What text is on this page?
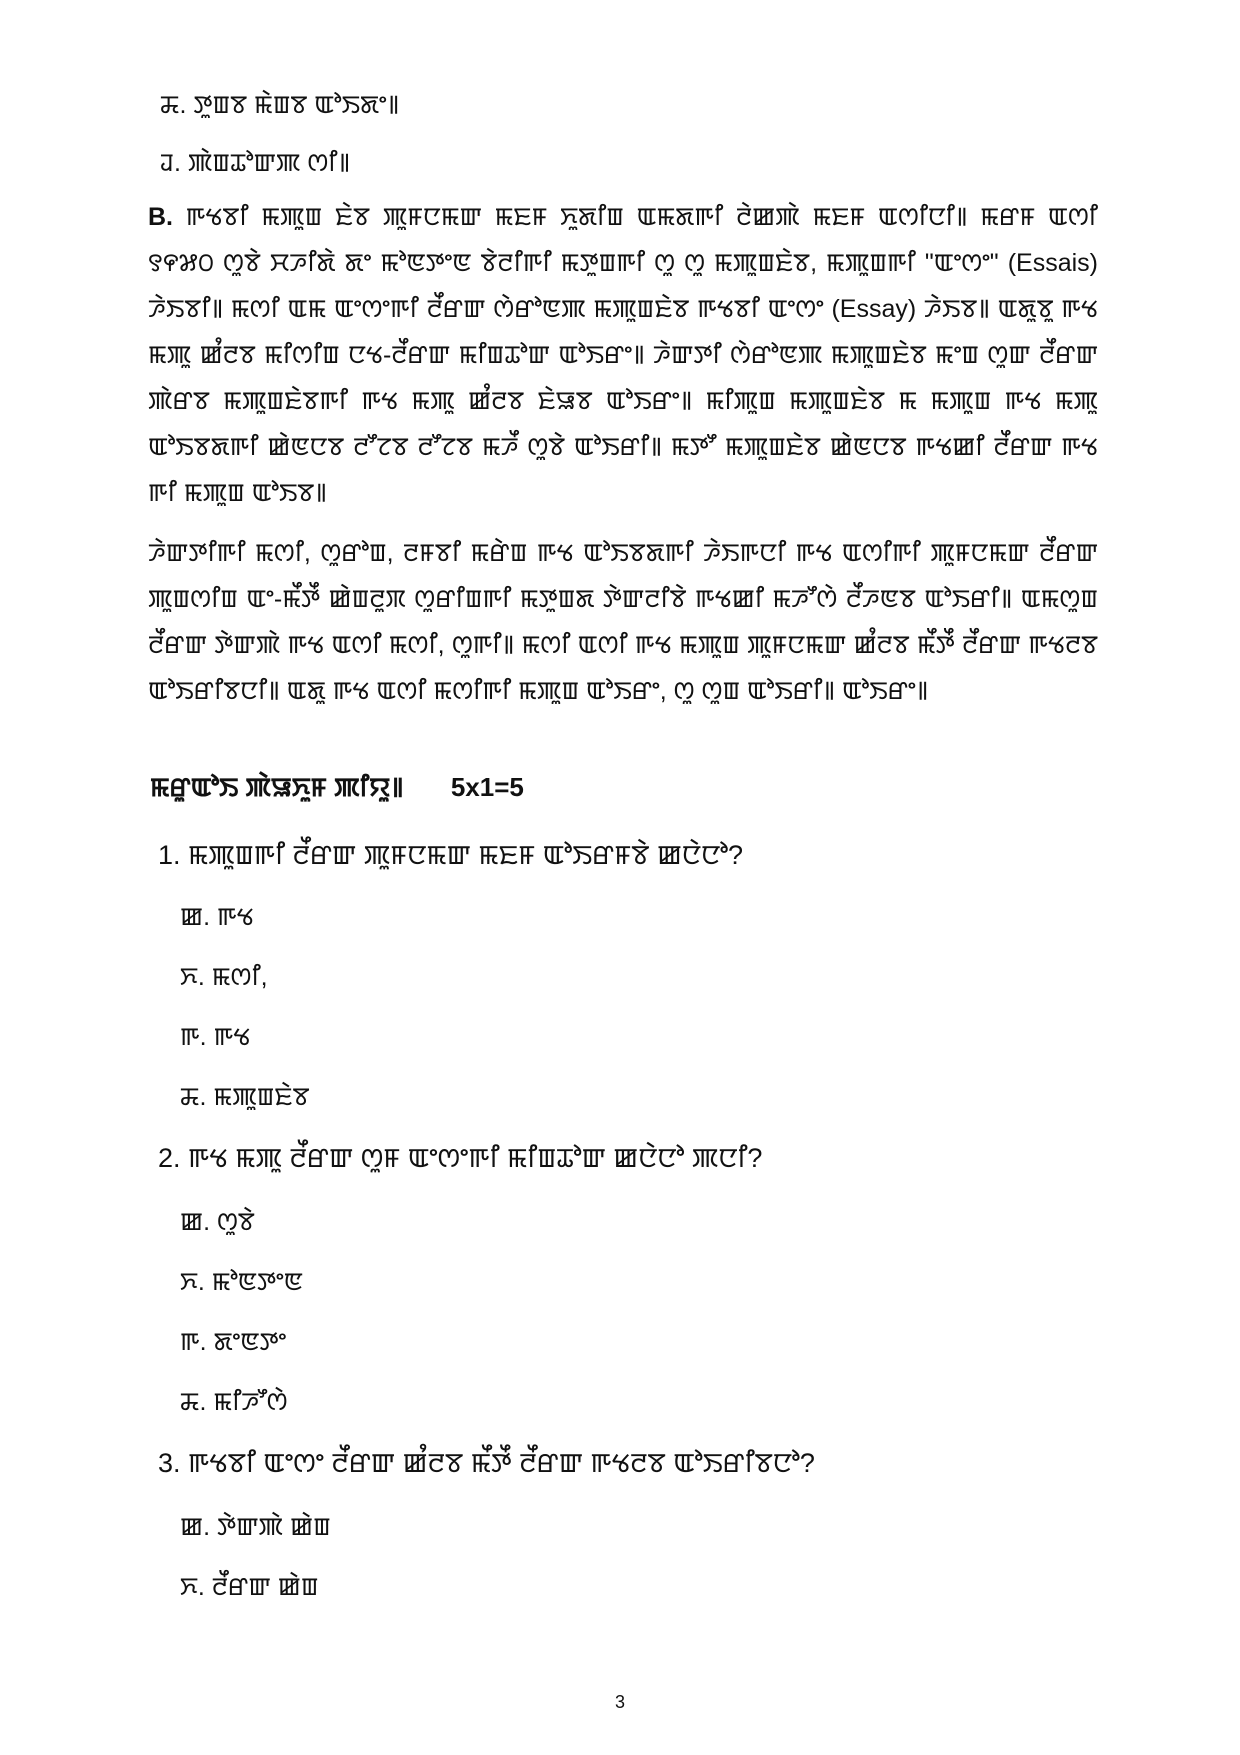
ꯘ. ꯇꯨꯡꯕ ꯃꯥꯡꯕ ꯑꯣꯏꯗꯦ꯫
ꯙ. ꯄꯥꯡꯊꯣꯛꯄ ꯁꯤ꯫

B. ꯒꯠꯕꯤ ꯃꯄꯨꯡ ꯐꯥꯕ ꯄꯨꯝꯅꯃꯛ ꯃꯐꯝ ꯈꯨꯗꯤꯡ ꯑꯃꯗꯒꯤ ꯂꯥꯀꯄꯥ ꯃꯐꯝ ꯑꯁꯤꯅꯤ꯫ ꯃꯔꯝ ꯑꯁꯤ ꯱꯵꯷꯰ ꯁꯨꯕꯥ ꯆꯍꯤꯗꯥ ꯗꯦ ꯃꯣꯟꯇꯦꯟ ꯕꯥꯂꯤꯒꯤ ꯃꯇꯨꯡꯒꯤ ꯁꯨ ꯁꯨ ꯃꯄꯨꯡꯐꯥꯕ, ꯃꯄꯨꯡꯒꯤ "ꯑꯦꯁꯦ" (Essais) ꯍꯥꯏꯕꯤ꯫ ꯃꯁꯤ ꯑꯃ ꯑꯦꯁꯦꯒꯤ ꯂꯩꯔꯛ ꯁꯥꯔꯣꯟꯄ ꯃꯄꯨꯡꯐꯥꯕ ꯒꯠꯕꯤ ꯑꯦꯁꯦ (Essay) ꯍꯥꯏꯕ꯫ ꯑꯗꯨꯕꯨ ꯒꯠ ꯃꯄꯨ ꯀꯪꯂꯕ ꯃꯤꯁꯤꯡ ꯅꯠ-ꯂꯩꯔꯛ ꯃꯤꯡꯊꯣꯛ ꯑꯣꯏꯔꯦ꯫ ꯍꯥꯛꯇꯤ ꯁꯥꯔꯣꯟꯄ ꯃꯄꯨꯡꯐꯥꯕ ꯃꯦꯡ ꯁꯨꯛ ꯂꯩꯔꯛ ꯄꯥꯔꯕ ꯃꯄꯨꯡꯐꯥꯕꯒꯤ ꯒꯠ ꯃꯄꯨ ꯀꯪꯂꯕ ꯐꯥꯎꯕ ꯑꯣꯏꯔꯦ꯫ ꯃꯤꯄꯨꯡ ꯃꯄꯨꯡꯐꯥꯕ ꯃ ꯃꯄꯨꯡ ꯒꯠ ꯃꯄꯨ ꯑꯣꯏꯕꯗꯒꯤ ꯀꯥꯟꯅꯕ ꯂꯧꯖꯕ ꯂꯧꯖꯕ ꯃꯍꯩ ꯁꯨꯕꯥ ꯑꯣꯏꯔꯤ꯫ ꯃꯇꯧ ꯃꯄꯨꯡꯐꯥꯕ ꯀꯥꯟꯅꯕ ꯒꯠꯀꯤ ꯂꯩꯔꯛ ꯒꯠ ꯒꯤ ꯃꯄꯨꯡ ꯑꯣꯏꯕ꯫

ꯍꯥꯛꯇꯤꯒꯤ ꯃꯁꯤ, ꯁꯨꯔꯣꯡ, ꯂꯝꯕꯤ ꯃꯔꯥꯡ ꯒꯠ ꯑꯣꯏꯕꯗꯒꯤ ꯍꯥꯏꯒꯅꯤ ꯒꯠ ꯑꯁꯤꯒꯤ ꯄꯨꯝꯅꯃꯛ ꯂꯩꯔꯛ ꯄꯨꯡꯁꯤꯡ ꯑꯦ-ꯃꯩꯇꯩ ꯀꯥꯡꯂꯨꯞ ꯁꯨꯔꯤꯡꯒꯤ ꯃꯇꯨꯡꯗ ꯇꯥꯛꯂꯤꯕꯥ ꯒꯠꯀꯤ ꯃꯍꯧꯁꯥ ꯂꯩꯍꯟꯕ ꯑꯣꯏꯔꯤ꯫ ꯑꯃꯁꯨꯡ ꯂꯩꯔꯛ ꯇꯥꯛꯄꯥ ꯒꯠ ꯑꯁꯤ ꯃꯁꯤ, ꯁꯨꯒꯤ꯫ ꯃꯁꯤ ꯑꯁꯤ ꯒꯠ ꯃꯄꯨꯡ ꯄꯨꯝꯅꯃꯛ ꯀꯪꯂꯕ ꯃꯩꯇꯩ ꯂꯩꯔꯛ ꯒꯠꯂꯕ ꯑꯣꯏꯔꯤꯕꯅꯤ꯫ ꯑꯗꯨ ꯒꯠ ꯑꯁꯤ ꯃꯁꯤꯒꯤ ꯃꯄꯨꯡ ꯑꯣꯏꯔꯦ, ꯁꯨ ꯁꯨꯡ ꯑꯣꯏꯔꯤ꯫ ꯑꯣꯏꯔꯦ꯫

ꯃꯔꯨꯑꯣꯏ ꯄꯥꯎꯈꯨꯝ ꯄꯤꯌꯨ꯫ 5x1=5
1. ꯃꯄꯨꯡꯒꯤ ꯂꯩꯔꯛ ꯄꯨꯝꯅꯃꯛ ꯃꯐꯝ ꯑꯣꯏꯔꯝꯕꯥ ꯀꯅꯥꯅꯣ?
ꯀ. ꯒꯠ
ꯈ. ꯃꯁꯤ,
ꯒ. ꯒꯠ
ꯘ. ꯃꯄꯨꯡꯐꯥꯕ
2. ꯒꯠ ꯃꯄꯨ ꯂꯩꯔꯛ ꯁꯨꯝ ꯑꯦꯁꯦꯒꯤ ꯃꯤꯡꯊꯣꯛ ꯀꯅꯥꯅꯣ ꯄꯅꯤ?
ꯀ. ꯁꯨꯕꯥ
ꯈ. ꯃꯣꯟꯇꯦꯟ
ꯒ. ꯗꯦꯟꯇꯦ
ꯘ. ꯃꯤꯍꯧꯁꯥ
3. ꯒꯠꯕꯤ ꯑꯦꯁꯦ ꯂꯩꯔꯛ ꯀꯪꯂꯕ ꯃꯩꯇꯩ ꯂꯩꯔꯛ ꯒꯠꯂꯕ ꯑꯣꯏꯔꯤꯕꯅꯣ?
ꯀ. ꯇꯥꯛꯄꯥ ꯀꯥꯡ
ꯈ. ꯂꯩꯔꯛ ꯀꯥꯡ
3
